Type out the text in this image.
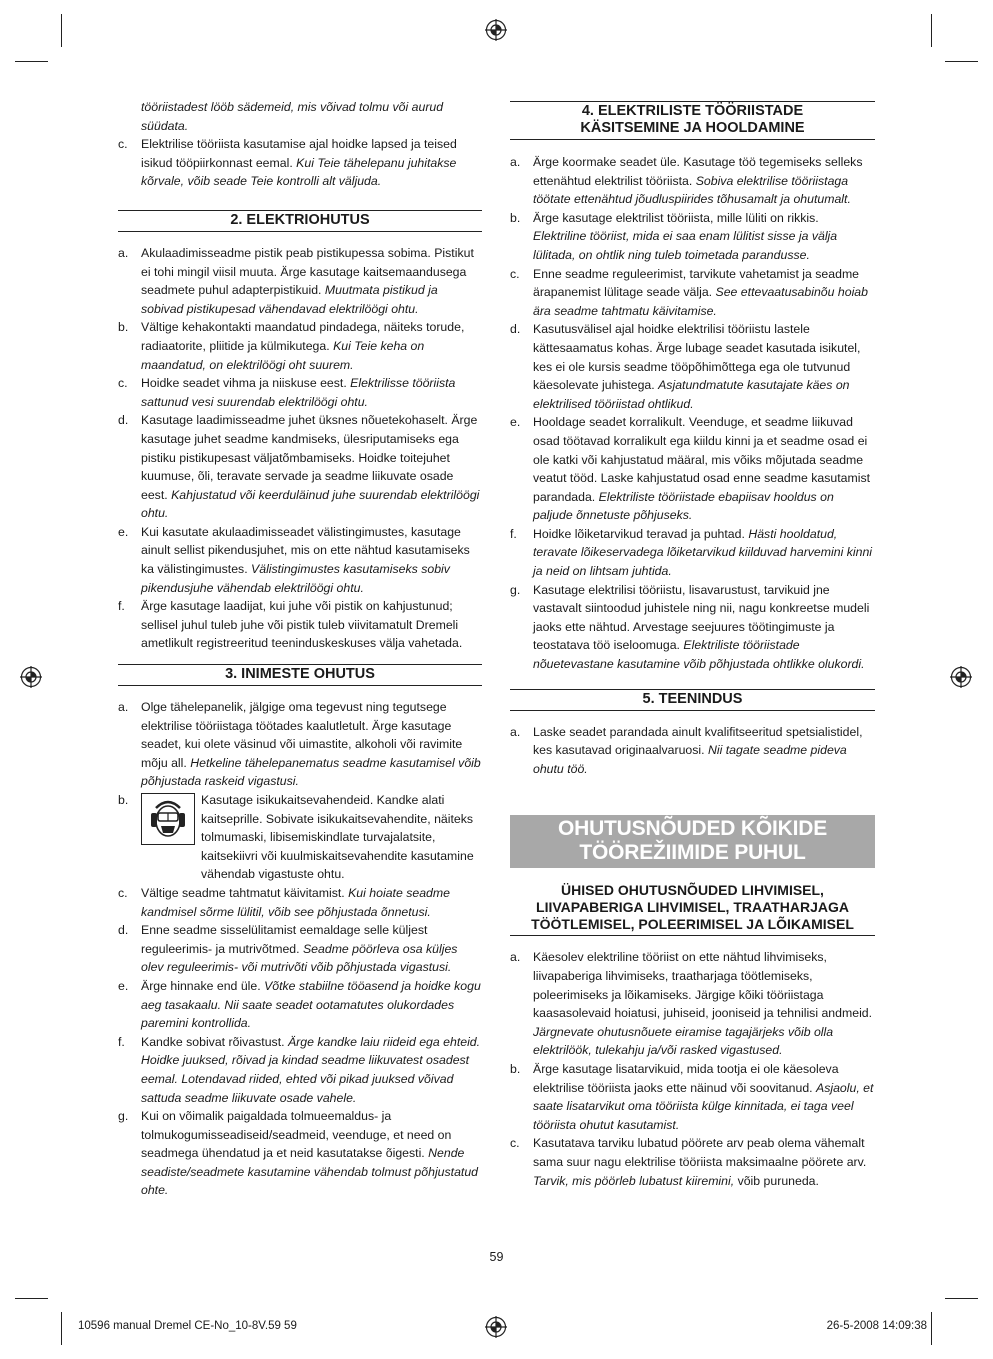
tööriistadest lööb sädemeid, mis võivad tolmu või aurud süüdata.

c. Elektrilise tööriista kasutamise ajal hoidke lapsed ja teised isikud tööpiirkonnast eemal. Kui Teie tähelepanu juhitakse kõrvale, võib seade Teie kontrolli alt väljuda.

2. ELEKTRIOHUTUS

a. Akulaadimisseadme pistik peab pistikupessa sobima. Pistikut ei tohi mingil viisil muuta. Ärge kasutage kaitsemaandusega seadmete puhul adapterpistikuid. Muutmata pistikud ja sobivad pistikupesad vähendavad elektrilöögi ohtu.

b. Vältige kehakontakti maandatud pindadega, näiteks torude, radiaatorite, pliitide ja külmikutega. Kui Teie keha on maandatud, on elektrilöögi oht suurem.

c. Hoidke seadet vihma ja niiskuse eest. Elektrilisse tööriista sattunud vesi suurendab elektrilöögi ohtu.

d. Kasutage laadimisseadme juhet üksnes nõuetekohaselt. Ärge kasutage juhet seadme kandmiseks, ülesriputamiseks ega pistiku pistikupesast väljatõmbamiseks. Hoidke toitejuhet kuumuse, õli, teravate servade ja seadme liikuvate osade eest. Kahjustatud või keerduläinud juhe suurendab elektrilöögi ohtu.

e. Kui kasutate akulaadimisseadet välistingimustes, kasutage ainult sellist pikendusjuhet, mis on ette nähtud kasutamiseks ka välistingimustes. Välistingimustes kasutamiseks sobiv pikendusjuhe vähendab elektrilöögi ohtu.

f. Ärge kasutage laadijat, kui juhe või pistik on kahjustunud; sellisel juhul tuleb juhe või pistik tuleb viivitamatult Dremeli ametlikult registreeritud teeninduskeskuses välja vahetada.

3. INIMESTE OHUTUS

a. Olge tähelepanelik, jälgige oma tegevust ning tegutsege elektrilise tööriistaga töötades kaalutletult. Ärge kasutage seadet, kui olete väsinud või uimastite, alkoholi või ravimite mõju all. Hetkeline tähelepanematus seadme kasutamisel võib põhjustada raskeid vigastusi.

b.	Kasutage isikukaitsevahendeid. Kandke alati kaitseprille. Sobivate isikukaitsevahendite, näiteks tolmumaski, libisemiskindlate turvajalatsite, kaitsekiivri või kuulmiskaitsevahendite kasutamine vähendab vigastuste ohtu.

c. Vältige seadme tahtmatut käivitamist. Kui hoiate seadme kandmisel sõrme lülitil, võib see põhjustada õnnetusi.

d. Enne seadme sisselülitamist eemaldage selle küljest reguleerimis- ja mutrivõtmed. Seadme pöörleva osa küljes olev reguleerimis- või mutrivõti võib põhjustada vigastusi.

e. Ärge hinnake end üle. Võtke stabiilne tööasend ja hoidke kogu aeg tasakaalu. Nii saate seadet ootamatutes olukordades paremini kontrollida.

f. Kandke sobivat rõivastust. Ärge kandke laiu riideid ega ehteid. Hoidke juuksed, rõivad ja kindad seadme liikuvatest osadest eemal. Lotendavad riided, ehted või pikad juuksed võivad sattuda seadme liikuvate osade vahele.

g. Kui on võimalik paigaldada tolmueemaldus- ja tolmukogumisseadiseid/seadmeid, veenduge, et need on seadmega ühendatud ja et neid kasutatakse õigesti. Nende seadiste/seadmete kasutamine vähendab tolmust põhjustatud ohte.

4. ELEKTRILISTE TÖÖRIISTADE
KÄSITSEMINE JA HOOLDAMINE

a. Ärge koormake seadet üle. Kasutage töö tegemiseks selleks ettenähtud elektrilist tööriista. Sobiva elektrilise tööriistaga töötate ettenähtud jõudluspiirides tõhusamalt ja ohutumalt.

b. Ärge kasutage elektrilist tööriista, mille lüliti on rikkis. Elektriline tööriist, mida ei saa enam lülitist sisse ja välja lülitada, on ohtlik ning tuleb toimetada parandusse.

c. Enne seadme reguleerimist, tarvikute vahetamist ja seadme ärapanemist lülitage seade välja. See ettevaatusabinõu hoiab ära seadme tahtmatu käivitamise.

d. Kasutusvälisel ajal hoidke elektrilisi tööriistu lastele kättesaamatus kohas. Ärge lubage seadet kasutada isikutel, kes ei ole kursis seadme tööpõhimõttega ega ole tutvunud käesolevate juhistega. Asjatundmatute kasutajate käes on elektrilised tööriistad ohtlikud.

e. Hooldage seadet korralikult. Veenduge, et seadme liikuvad osad töötavad korralikult ega kiildu kinni ja et seadme osad ei ole katki või kahjustatud määral, mis võiks mõjutada seadme veatut tööd. Laske kahjustatud osad enne seadme kasutamist parandada. Elektriliste tööriistade ebapiisav hooldus on paljude õnnetuste põhjuseks.

f. Hoidke lõiketarvikud teravad ja puhtad. Hästi hooldatud, teravate lõikeservadega lõiketarvikud kiilduvad harvemini kinni ja neid on lihtsam juhtida.

g. Kasutage elektrilisi tööriistu, lisavarustust, tarvikuid jne vastavalt siintoodud juhistele ning nii, nagu konkreetse mudeli jaoks ette nähtud. Arvestage seejuures töötingimuste ja teostatava töö iseloomuga. Elektriliste tööriistade nõuetevastane kasutamine võib põhjustada ohtlikke olukordi.

5. TEENINDUS

a. Laske seadet parandada ainult kvalifitseeritud spetsialistidel, kes kasutavad originaalvaruosi. Nii tagate seadme pideva ohutu töö.

OHUTUSNÕUDED KÕIKIDE
TÖÖREŽIIMIDE PUHUL
ÜHISED OHUTUSNÕUDED LIHVIMISEL,
LIIVAPABERIGA LIHVIMISEL, TRAATHARJAGA
TÖÖTLEMISEL, POLEERIMISEL JA LÕIKAMISEL

a. Käesolev elektriline tööriist on ette nähtud lihvimiseks, liivapaberiga lihvimiseks, traatharjaga töötlemiseks, poleerimiseks ja lõikamiseks. Järgige kõiki tööriistaga kaasasolevaid hoiatusi, juhiseid, jooniseid ja tehnilisi andmeid. Järgnevate ohutusnõuete eiramise tagajärjeks võib olla elektrilöök, tulekahju ja/või rasked vigastused.

b. Ärge kasutage lisatarvikuid, mida tootja ei ole käesoleva elektrilise tööriista jaoks ette näinud või soovitanud. Asjaolu, et saate lisatarvikut oma tööriista külge kinnitada, ei taga veel tööriista ohutut kasutamist.

c. Kasutatava tarviku lubatud pöörete arv peab olema vähemalt sama suur nagu elektrilise tööriista maksimaalne pöörete arv. Tarvik, mis pöörleb lubatust kiiremini, võib puruneda.

59
10596 manual Dremel CE-No_10-8V.59 59	26-5-2008 14:09:38
